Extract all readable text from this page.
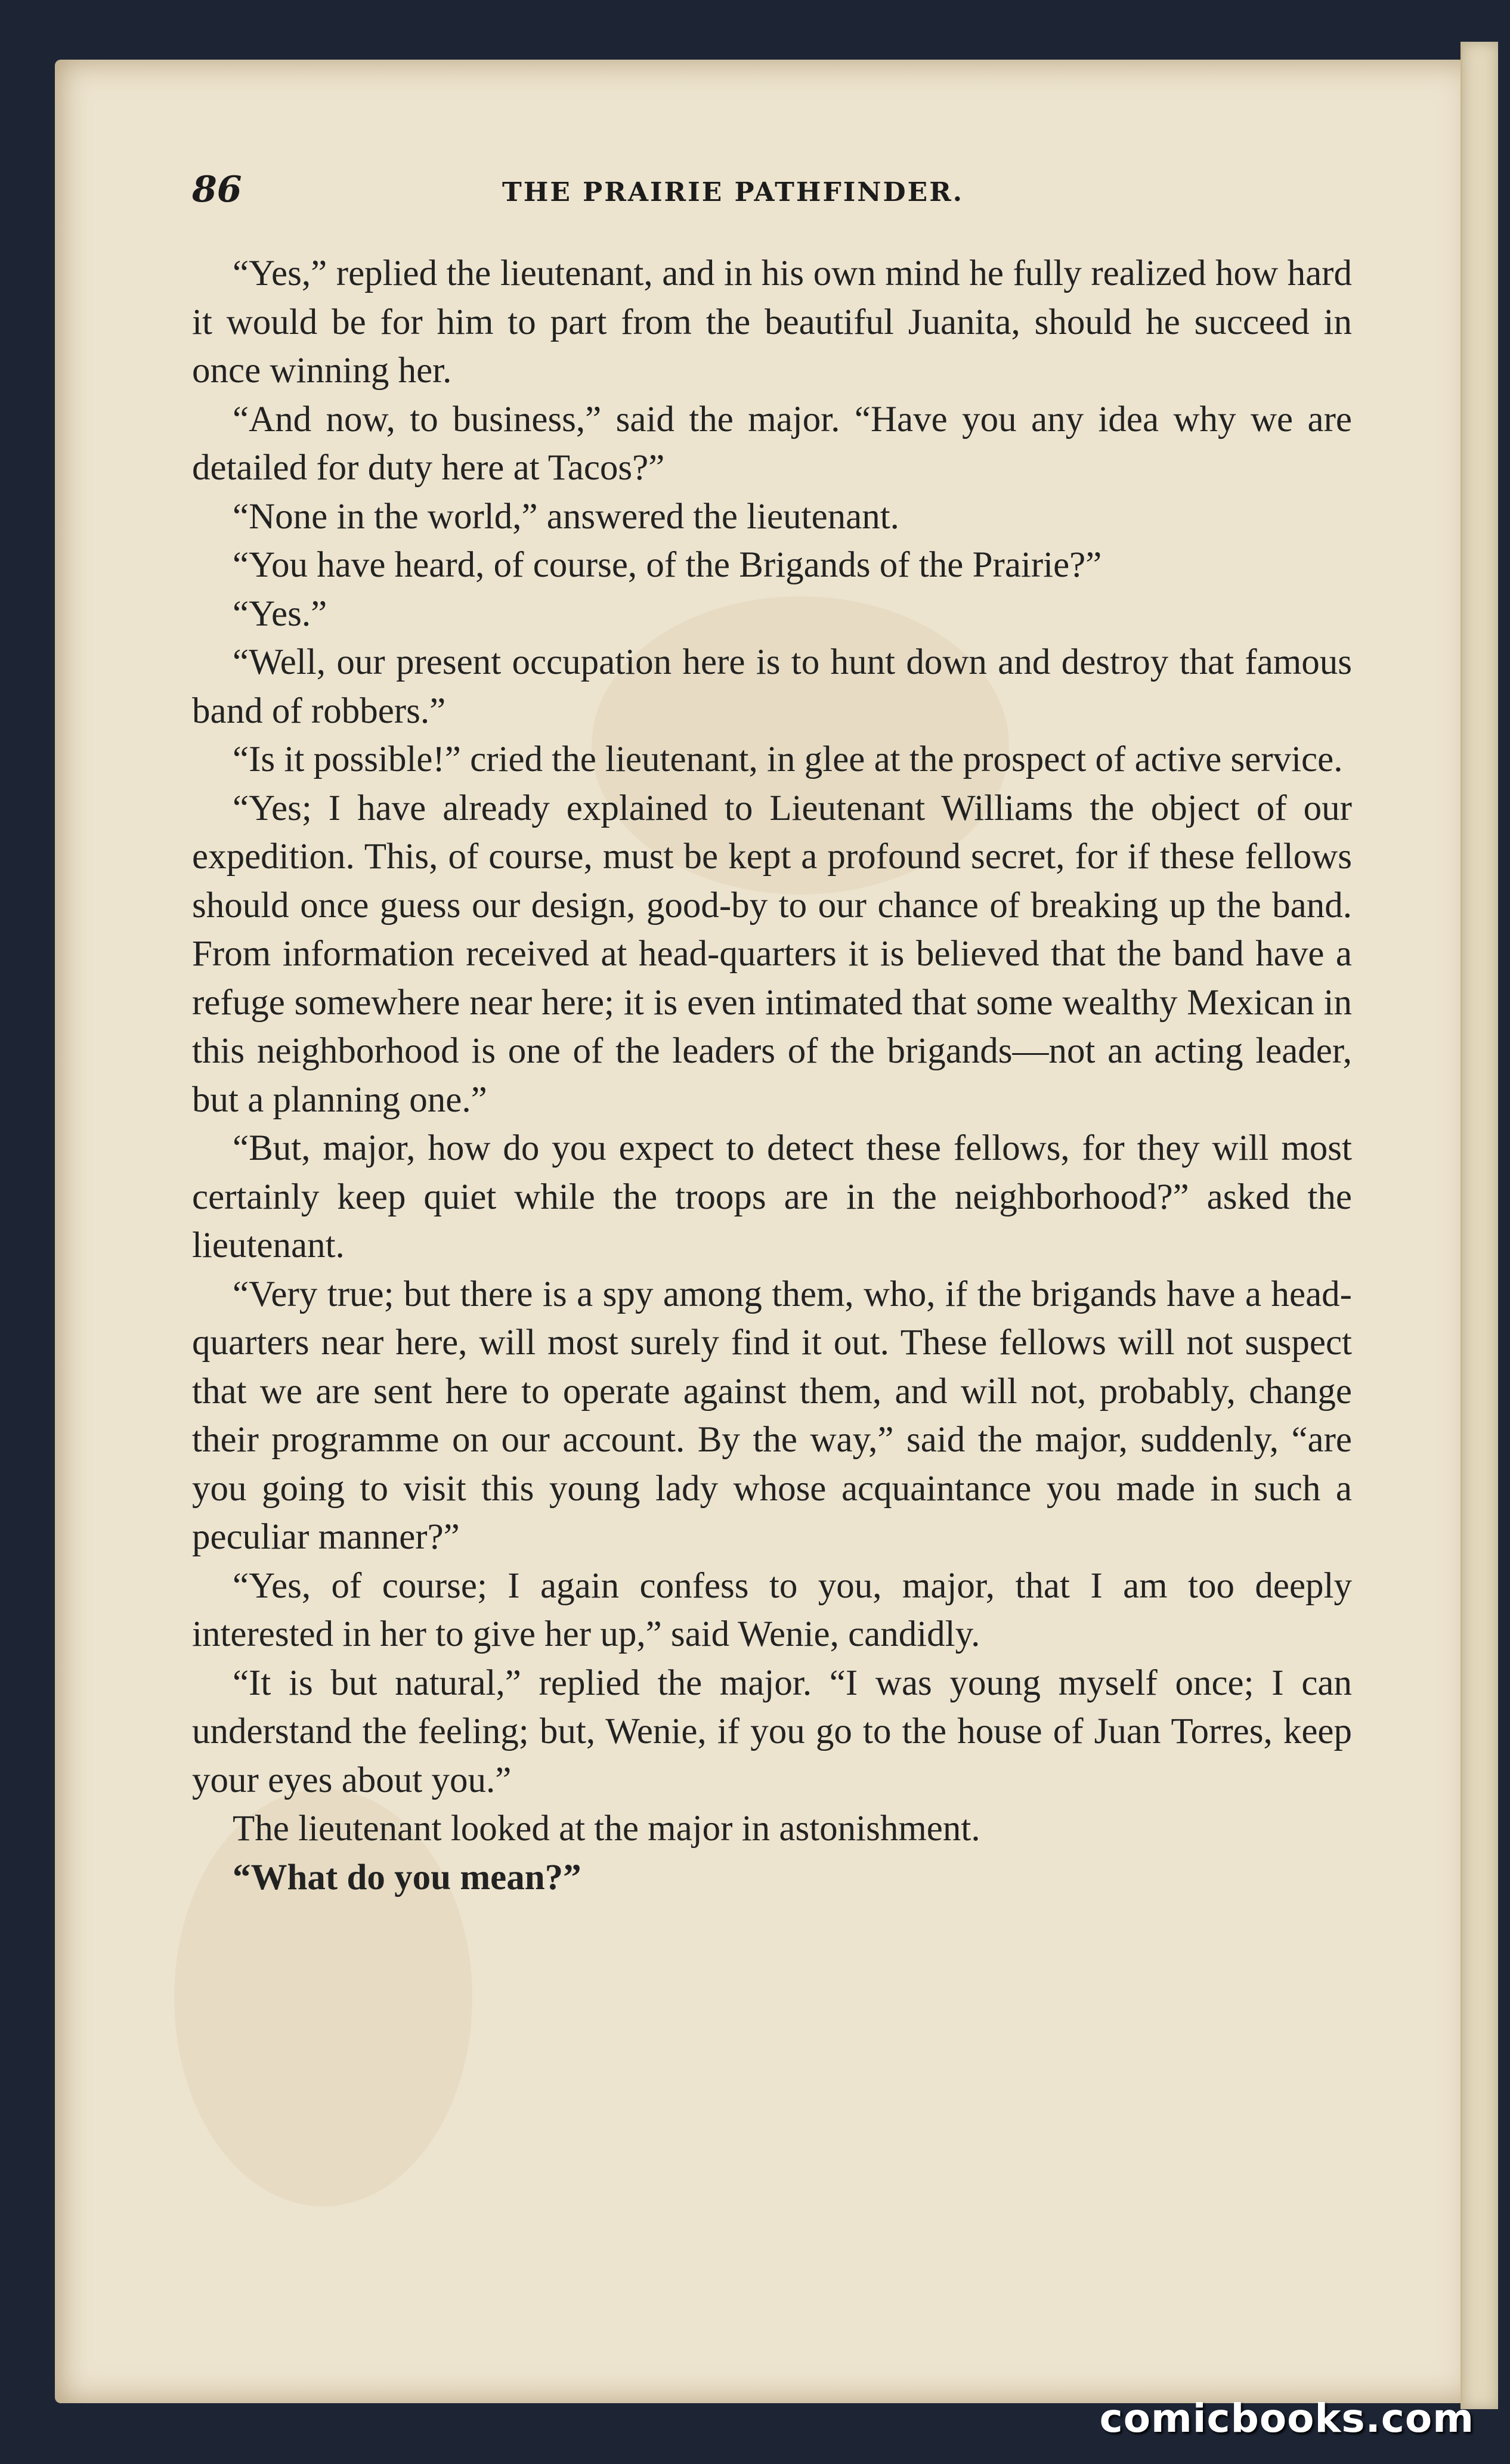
86	THE PRAIRIE PATHFINDER.

“Yes,” replied the lieutenant, and in his own mind he fully realized how hard it would be for him to part from the beautiful Juanita, should he succeed in once winning her.

“And now, to business,” said the major. “Have you any idea why we are detailed for duty here at Tacos?”

“None in the world,” answered the lieutenant.

“You have heard, of course, of the Brigands of the Prairie?”

“Yes.”

“Well, our present occupation here is to hunt down and destroy that famous band of robbers.”

“Is it possible!” cried the lieutenant, in glee at the prospect of active service.

“Yes; I have already explained to Lieutenant Williams the object of our expedition. This, of course, must be kept a profound secret, for if these fellows should once guess our design, good-by to our chance of breaking up the band. From information received at head-quarters it is believed that the band have a refuge somewhere near here; it is even intimated that some wealthy Mexican in this neighborhood is one of the leaders of the brigands—not an acting leader, but a planning one.”

“But, major, how do you expect to detect these fellows, for they will most certainly keep quiet while the troops are in the neighborhood?” asked the lieutenant.

“Very true; but there is a spy among them, who, if the brigands have a head-quarters near here, will most surely find it out. These fellows will not suspect that we are sent here to operate against them, and will not, probably, change their programme on our account. By the way,” said the major, suddenly, “are you going to visit this young lady whose acquaintance you made in such a peculiar manner?”

“Yes, of course; I again confess to you, major, that I am too deeply interested in her to give her up,” said Wenie, candidly.

“It is but natural,” replied the major. “I was young myself once; I can understand the feeling; but, Wenie, if you go to the house of Juan Torres, keep your eyes about you.”

The lieutenant looked at the major in astonishment.

“What do you mean?”

comicbooks.com
